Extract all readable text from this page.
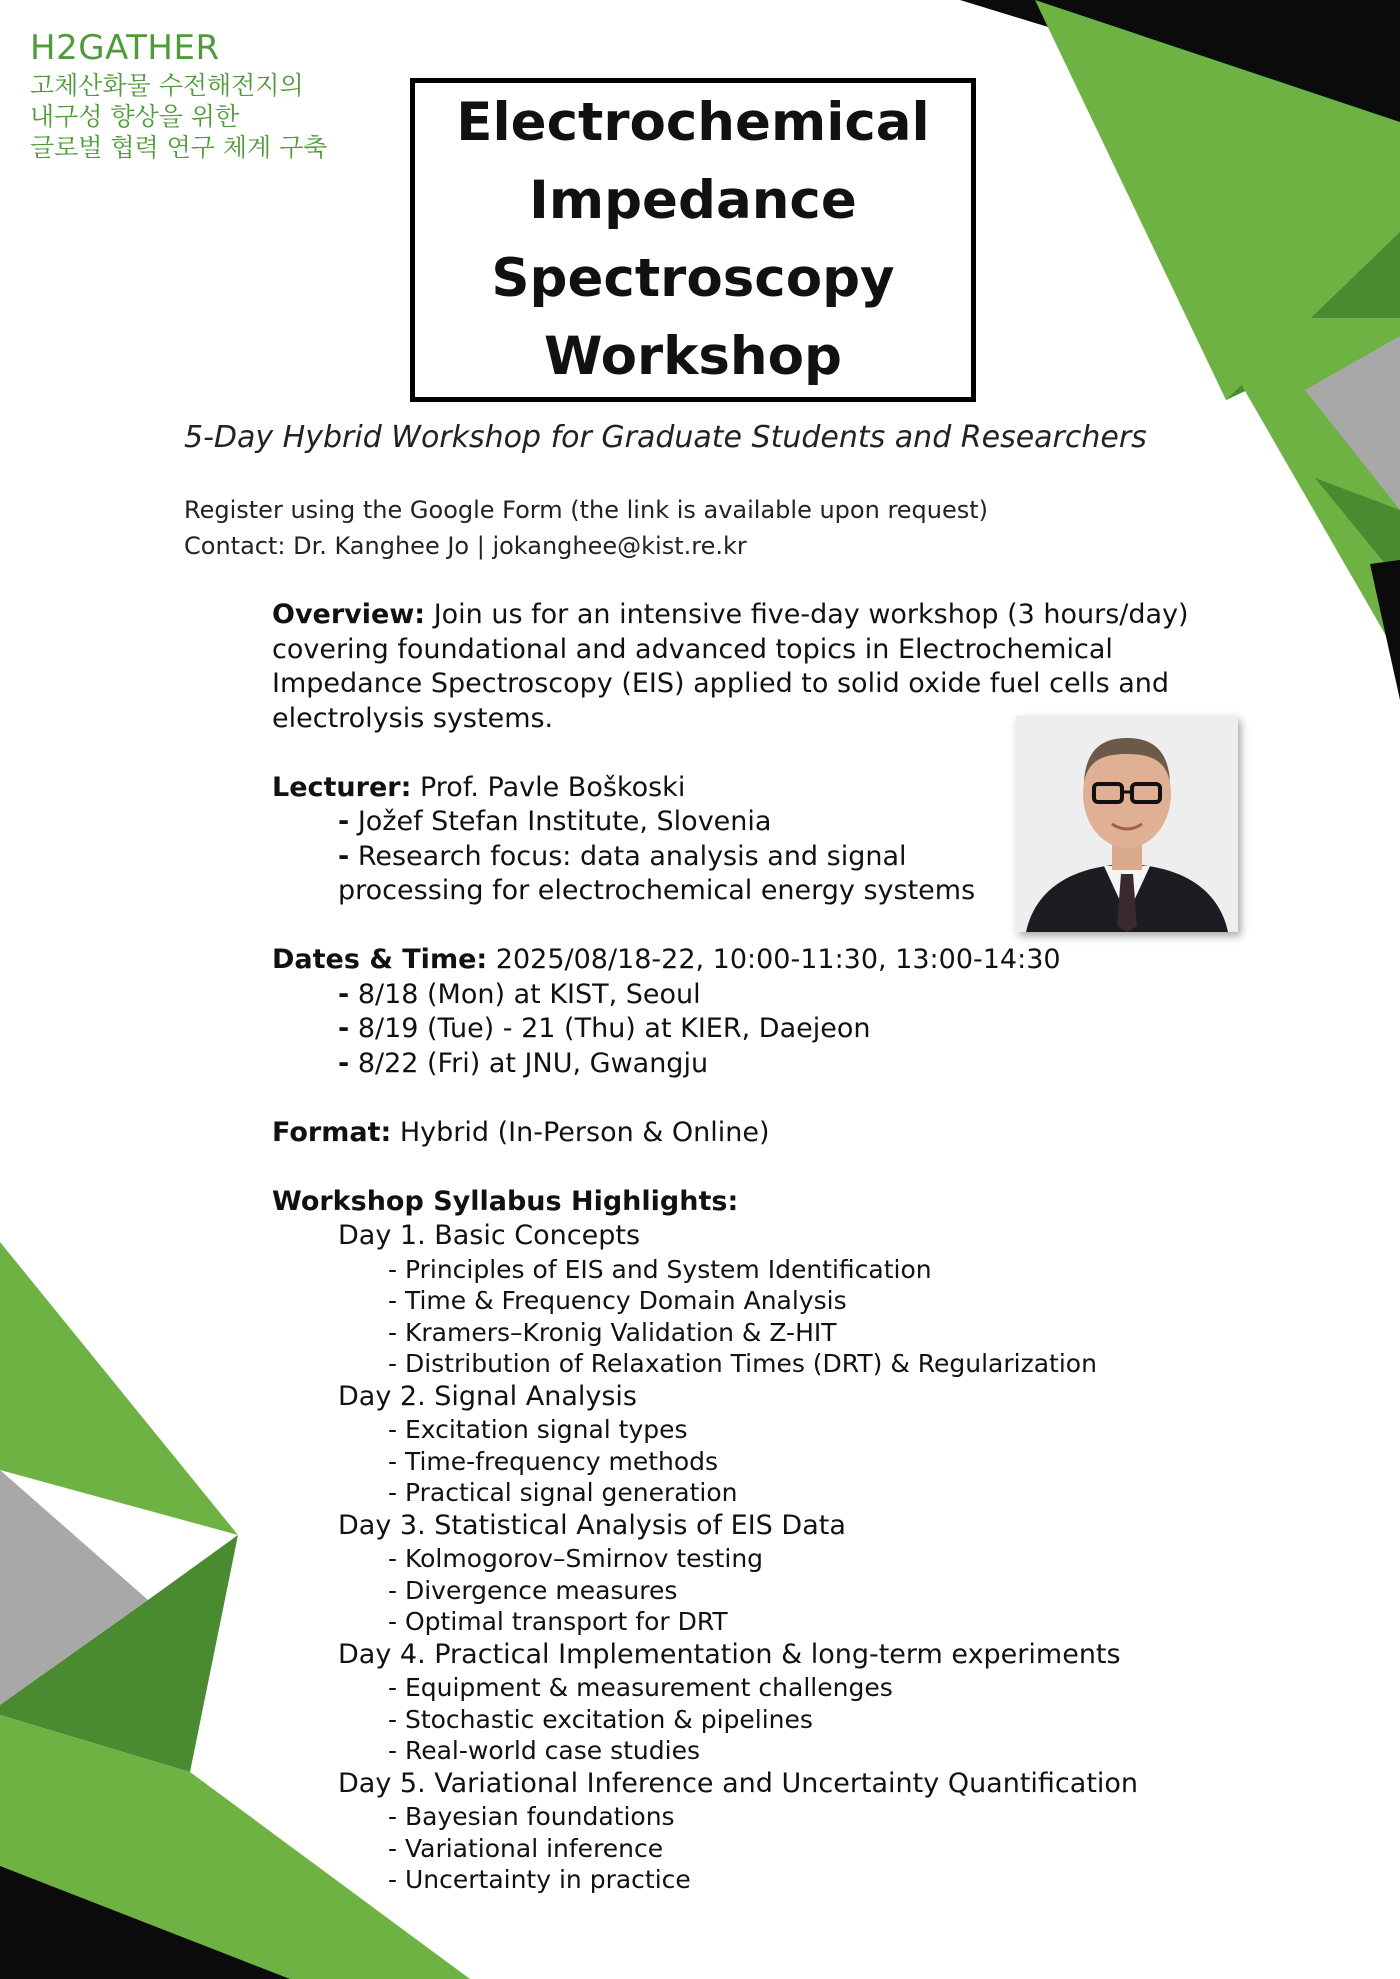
H2GATHER
고체산화물 수전해전지의
내구성 향상을 위한
글로벌 협력 연구 체계 구축 Electrochemical
Impedance
Spectroscopy
Workshop
5-Day Hybrid Workshop for Graduate Students and Researchers
Register using the Google Form (the link is available upon request)
Contact: Dr. Kanghee Jo | jokanghee@kist.re.kr

Overview: Join us for an intensive five-day workshop (3 hours/day)

covering foundational and advanced topics in Electrochemical

Impedance Spectroscopy (EIS) applied to solid oxide fuel cells and

electrolysis systems.

Lecturer: Prof. Pavle Boškoski

- Jožef Stefan Institute, Slovenia

- Research focus: data analysis and signal

processing for electrochemical energy systems

Dates & Time: 2025/08/18-22, 10:00-11:30, 13:00-14:30

- 8/18 (Mon) at KIST, Seoul

- 8/19 (Tue) - 21 (Thu) at KIER, Daejeon

- 8/22 (Fri) at JNU, Gwangju

Format: Hybrid (In-Person & Online)

Workshop Syllabus Highlights:

Day 1. Basic Concepts

- Principles of EIS and System Identification

- Time & Frequency Domain Analysis

- Kramers–Kronig Validation & Z-HIT

- Distribution of Relaxation Times (DRT) & Regularization

Day 2. Signal Analysis

- Excitation signal types

- Time-frequency methods

- Practical signal generation

Day 3. Statistical Analysis of EIS Data

- Kolmogorov–Smirnov testing

- Divergence measures

- Optimal transport for DRT

Day 4. Practical Implementation & long-term experiments

- Equipment & measurement challenges

- Stochastic excitation & pipelines

- Real-world case studies

Day 5. Variational Inference and Uncertainty Quantification

- Bayesian foundations

- Variational inference

- Uncertainty in practice
